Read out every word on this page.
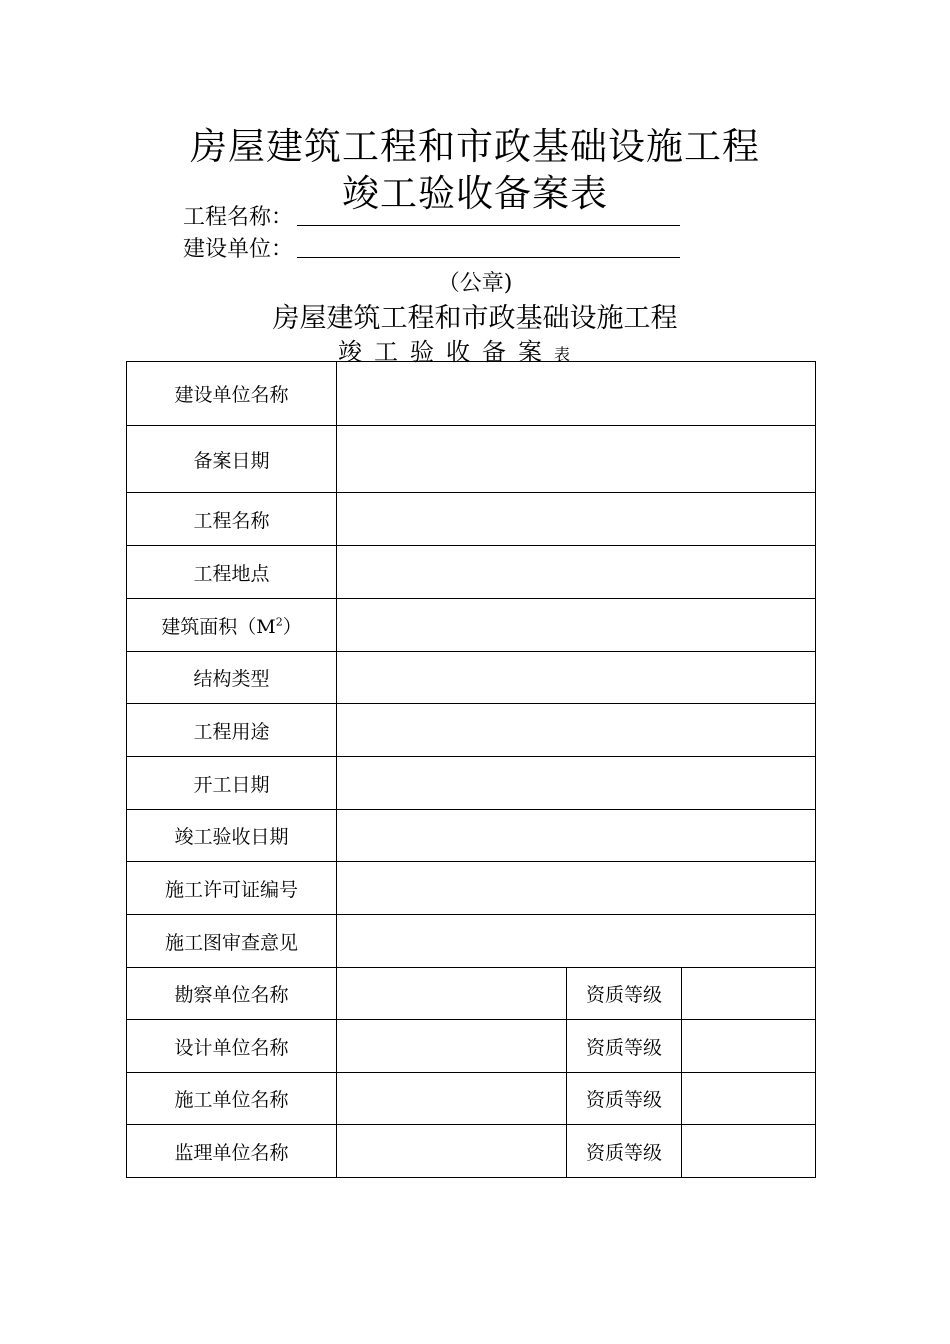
房屋建筑工程和市政基础设施工程
竣工验收备案表
工程名称：
建设单位：
（公章)
房屋建筑工程和市政基础设施工程
竣工验收备案表
建设单位名称			
备案日期			
工程名称			
工程地点			
建筑面积$(M^2)$			
结构类型			
工程用途			
开工日期			
竣工验收日期			
施工许可证编号			
施工图审查意见			
勘察单位名称		资质等级	
设计单位名称		资质等级	
施工单位名称		资质等级	
监理单位名称		资质等级	
